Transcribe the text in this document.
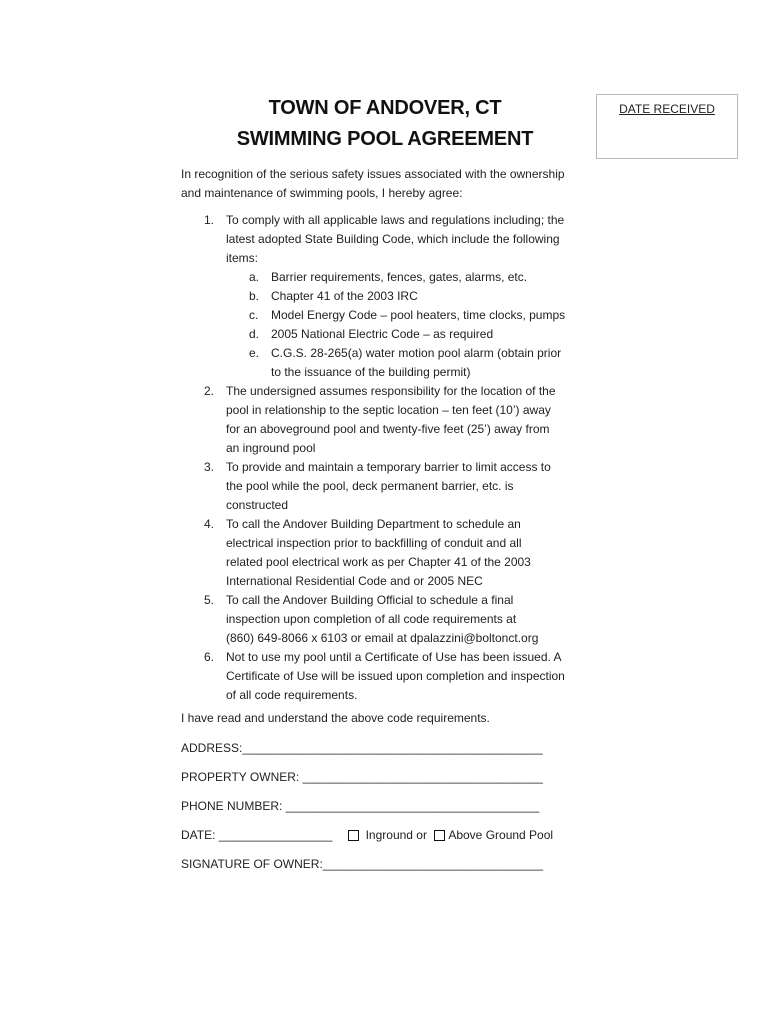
TOWN OF ANDOVER, CT
SWIMMING POOL AGREEMENT
DATE RECEIVED
In recognition of the serious safety issues associated with the ownership
and maintenance of swimming pools, I hereby agree:
1. To comply with all applicable laws and regulations including; the
latest adopted State Building Code, which include the following
items:
a. Barrier requirements, fences, gates, alarms, etc.
b. Chapter 41 of the 2003 IRC
c. Model Energy Code – pool heaters, time clocks, pumps
d. 2005 National Electric Code – as required
e. C.G.S. 28-265(a) water motion pool alarm (obtain prior
to the issuance of the building permit)
2. The undersigned assumes responsibility for the location of the
pool in relationship to the septic location – ten feet (10’) away
for an aboveground pool and twenty-five feet (25’) away from
an inground pool
3. To provide and maintain a temporary barrier to limit access to
the pool while the pool, deck permanent barrier, etc. is
constructed
4. To call the Andover Building Department to schedule an
electrical inspection prior to backfilling of conduit and all
related pool electrical work as per Chapter 41 of the 2003
International Residential Code and or 2005 NEC
5. To call the Andover Building Official to schedule a final
inspection upon completion of all code requirements at
(860) 649-8066 x 6103 or email at dpalazzini@boltonct.org
6. Not to use my pool until a Certificate of Use has been issued. A
Certificate of Use will be issued upon completion and inspection
of all code requirements.
I have read and understand the above code requirements.
ADDRESS:_____________________________________________
PROPERTY OWNER: ____________________________________
PHONE NUMBER: ______________________________________
DATE: _________________	Inground or Above Ground Pool
SIGNATURE OF OWNER:_________________________________
